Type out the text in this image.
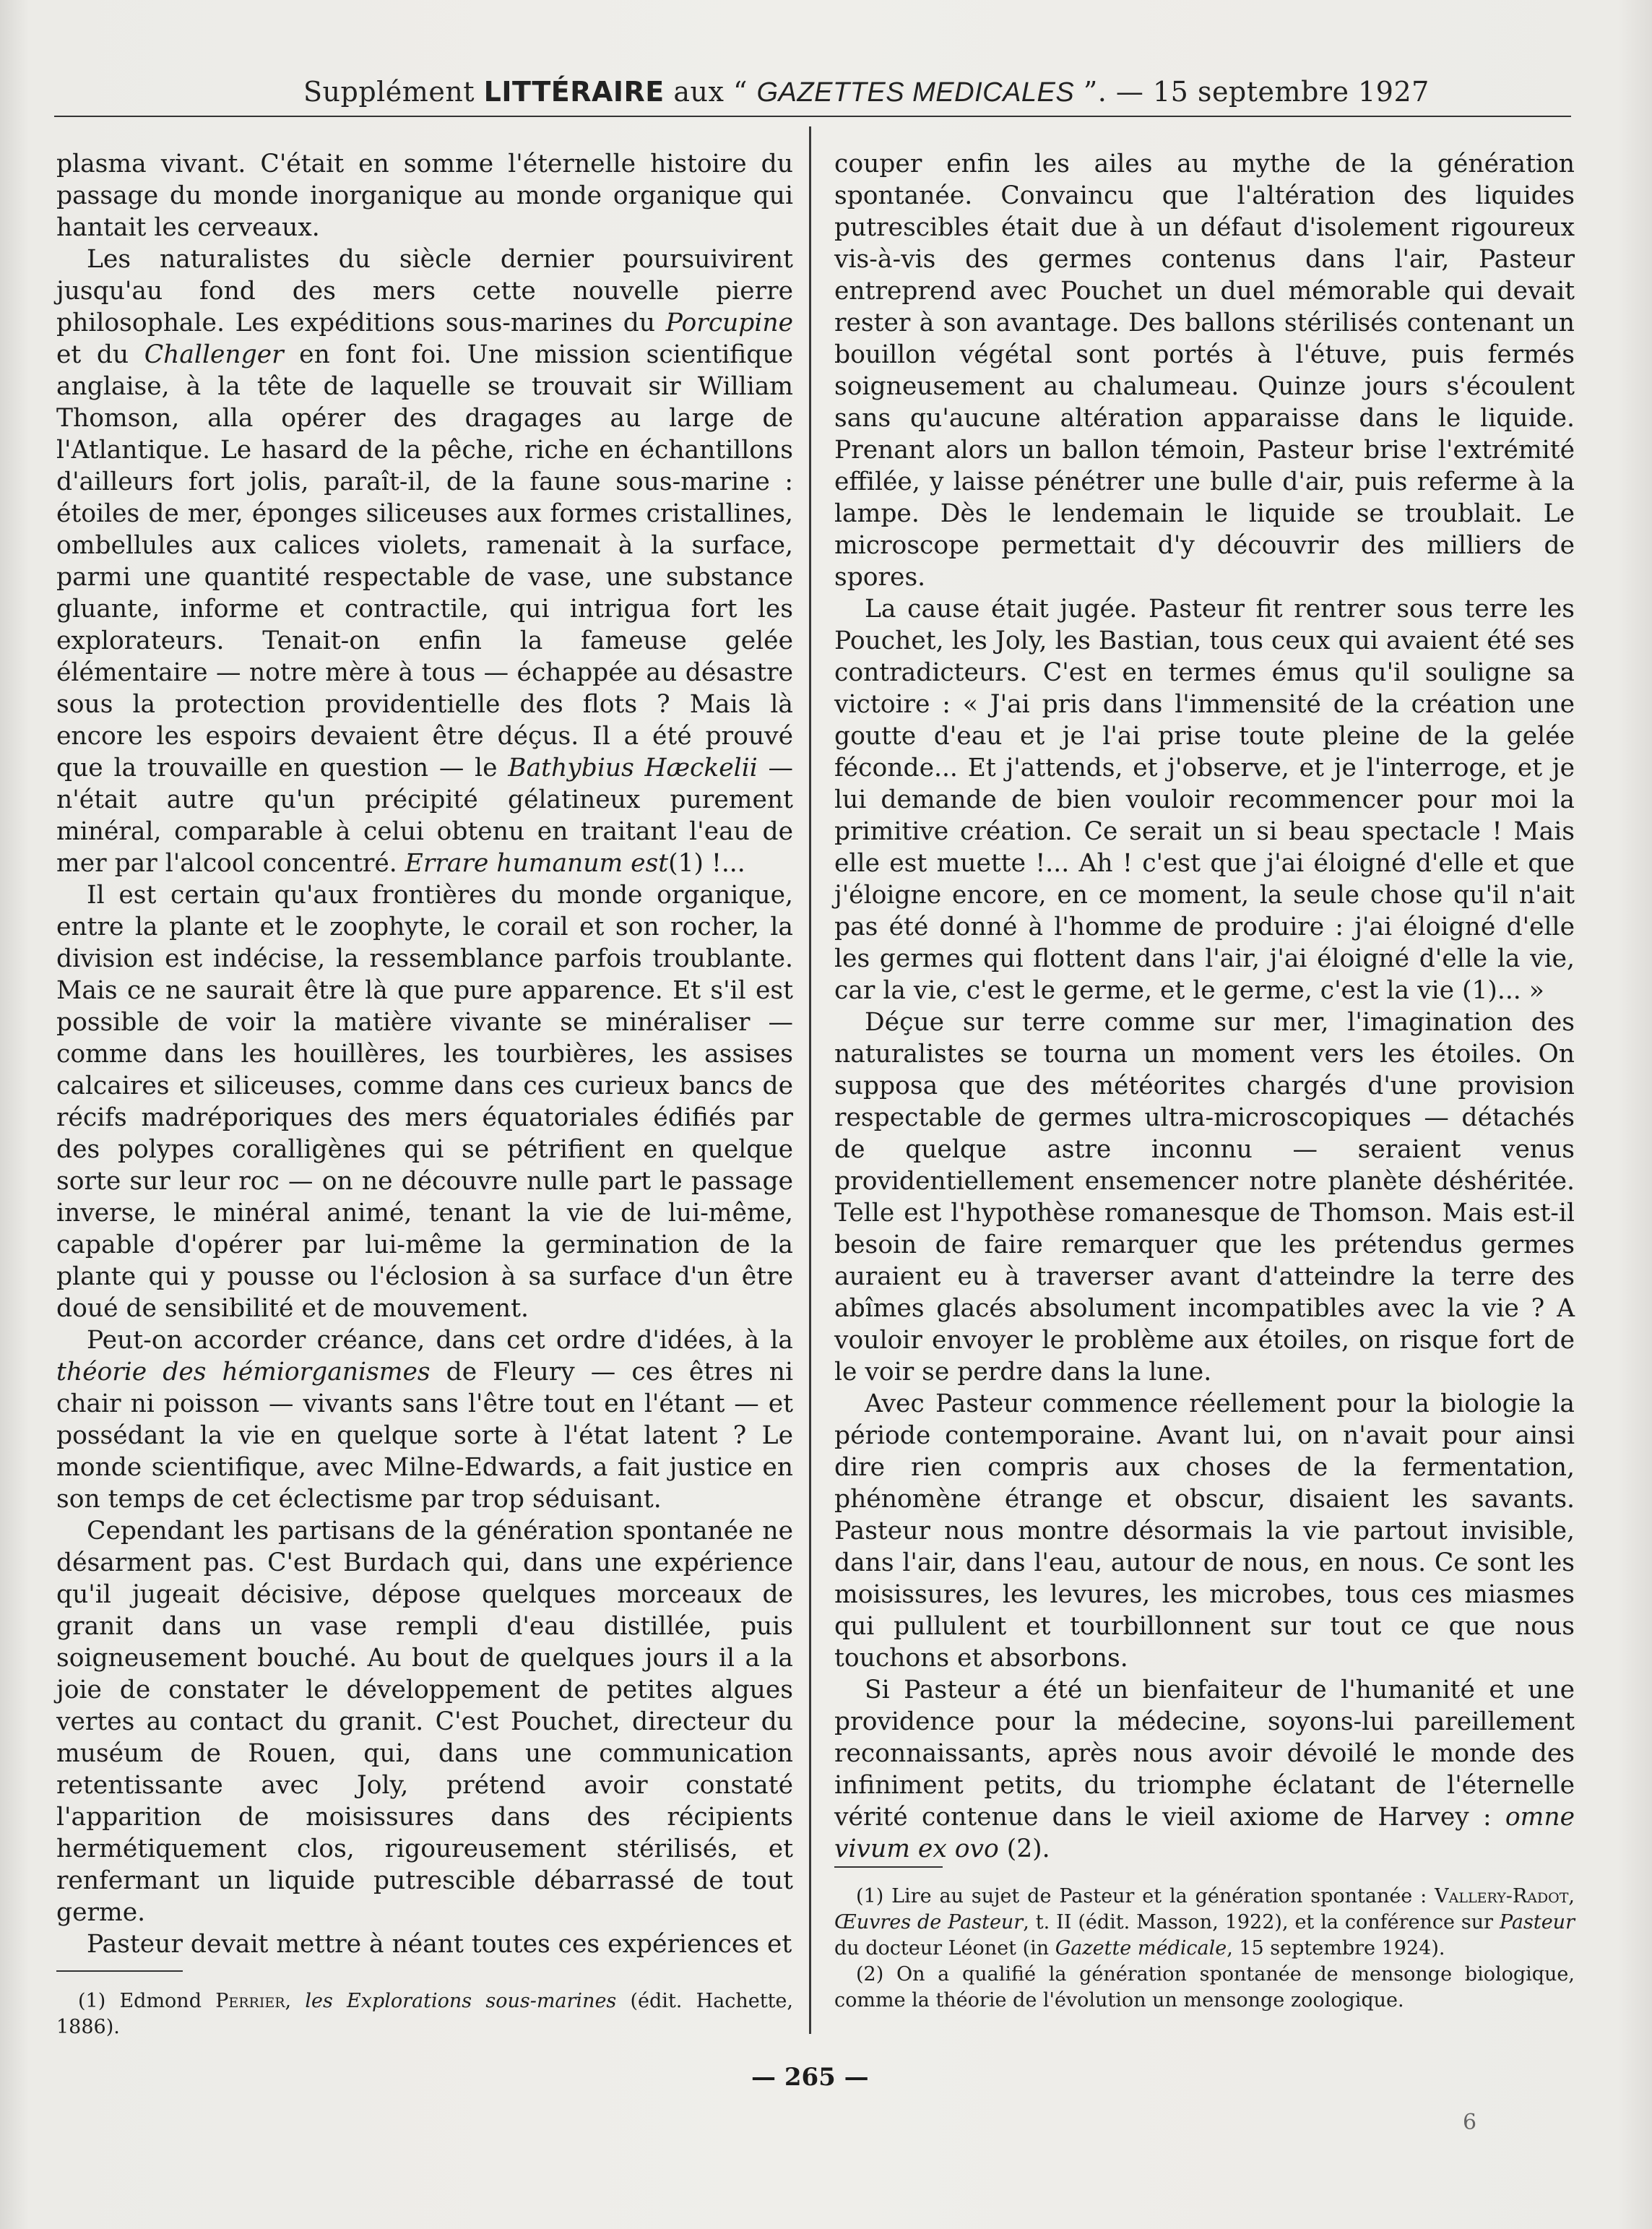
Supplément LITTÉRAIRE aux “ GAZETTES MEDICALES ”. — 15 septembre 1927

plasma vivant. C'était en somme l'éternelle histoire du passage du monde inorganique au monde organique qui hantait les cerveaux.

Les naturalistes du siècle dernier poursuivirent jusqu'au fond des mers cette nouvelle pierre philosophale. Les expéditions sous-marines du Porcupine et du Challenger en font foi. Une mission scientifique anglaise, à la tête de laquelle se trouvait sir William Thomson, alla opérer des dragages au large de l'Atlantique. Le hasard de la pêche, riche en échantillons d'ailleurs fort jolis, paraît-il, de la faune sous-marine : étoiles de mer, éponges siliceuses aux formes cristallines, ombellules aux calices violets, ramenait à la surface, parmi une quantité respectable de vase, une substance gluante, informe et contractile, qui intrigua fort les explorateurs. Tenait-on enfin la fameuse gelée élémentaire — notre mère à tous — échappée au désastre sous la protection providentielle des flots ? Mais là encore les espoirs devaient être déçus. Il a été prouvé que la trouvaille en question — le Bathybius Hæckelii — n'était autre qu'un précipité gélatineux purement minéral, comparable à celui obtenu en traitant l'eau de mer par l'alcool concentré. Errare humanum est(1) !...

Il est certain qu'aux frontières du monde organique, entre la plante et le zoophyte, le corail et son rocher, la division est indécise, la ressemblance parfois troublante. Mais ce ne saurait être là que pure apparence. Et s'il est possible de voir la matière vivante se minéraliser — comme dans les houillères, les tourbières, les assises calcaires et siliceuses, comme dans ces curieux bancs de récifs madréporiques des mers équatoriales édifiés par des polypes coralligènes qui se pétrifient en quelque sorte sur leur roc — on ne découvre nulle part le passage inverse, le minéral animé, tenant la vie de lui-même, capable d'opérer par lui-même la germination de la plante qui y pousse ou l'éclosion à sa surface d'un être doué de sensibilité et de mouvement.

Peut-on accorder créance, dans cet ordre d'idées, à la théorie des hémiorganismes de Fleury — ces êtres ni chair ni poisson — vivants sans l'être tout en l'étant — et possédant la vie en quelque sorte à l'état latent ? Le monde scientifique, avec Milne-Edwards, a fait justice en son temps de cet éclectisme par trop séduisant.

Cependant les partisans de la génération spontanée ne désarment pas. C'est Burdach qui, dans une expérience qu'il jugeait décisive, dépose quelques morceaux de granit dans un vase rempli d'eau distillée, puis soigneusement bouché. Au bout de quelques jours il a la joie de constater le développement de petites algues vertes au contact du granit. C'est Pouchet, directeur du muséum de Rouen, qui, dans une communication retentissante avec Joly, prétend avoir constaté l'apparition de moisissures dans des récipients hermétiquement clos, rigoureusement stérilisés, et renfermant un liquide putrescible débarrassé de tout germe.

Pasteur devait mettre à néant toutes ces expériences et

(1) Edmond Perrier, les Explorations sous-marines (édit. Hachette, 1886).

couper enfin les ailes au mythe de la génération spontanée. Convaincu que l'altération des liquides putrescibles était due à un défaut d'isolement rigoureux vis-à-vis des germes contenus dans l'air, Pasteur entreprend avec Pouchet un duel mémorable qui devait rester à son avantage. Des ballons stérilisés contenant un bouillon végétal sont portés à l'étuve, puis fermés soigneusement au chalumeau. Quinze jours s'écoulent sans qu'aucune altération apparaisse dans le liquide. Prenant alors un ballon témoin, Pasteur brise l'extrémité effilée, y laisse pénétrer une bulle d'air, puis referme à la lampe. Dès le lendemain le liquide se troublait. Le microscope permettait d'y découvrir des milliers de spores.

La cause était jugée. Pasteur fit rentrer sous terre les Pouchet, les Joly, les Bastian, tous ceux qui avaient été ses contradicteurs. C'est en termes émus qu'il souligne sa victoire : « J'ai pris dans l'immensité de la création une goutte d'eau et je l'ai prise toute pleine de la gelée féconde... Et j'attends, et j'observe, et je l'interroge, et je lui demande de bien vouloir recommencer pour moi la primitive création. Ce serait un si beau spectacle ! Mais elle est muette !... Ah ! c'est que j'ai éloigné d'elle et que j'éloigne encore, en ce moment, la seule chose qu'il n'ait pas été donné à l'homme de produire : j'ai éloigné d'elle les germes qui flottent dans l'air, j'ai éloigné d'elle la vie, car la vie, c'est le germe, et le germe, c'est la vie (1)... »

Déçue sur terre comme sur mer, l'imagination des naturalistes se tourna un moment vers les étoiles. On supposa que des météorites chargés d'une provision respectable de germes ultra-microscopiques — détachés de quelque astre inconnu — seraient venus providentiellement ensemencer notre planète déshéritée. Telle est l'hypothèse romanesque de Thomson. Mais est-il besoin de faire remarquer que les prétendus germes auraient eu à traverser avant d'atteindre la terre des abîmes glacés absolument incompatibles avec la vie ? A vouloir envoyer le problème aux étoiles, on risque fort de le voir se perdre dans la lune.

Avec Pasteur commence réellement pour la biologie la période contemporaine. Avant lui, on n'avait pour ainsi dire rien compris aux choses de la fermentation, phénomène étrange et obscur, disaient les savants. Pasteur nous montre désormais la vie partout invisible, dans l'air, dans l'eau, autour de nous, en nous. Ce sont les moisissures, les levures, les microbes, tous ces miasmes qui pullulent et tourbillonnent sur tout ce que nous touchons et absorbons.

Si Pasteur a été un bienfaiteur de l'humanité et une providence pour la médecine, soyons-lui pareillement reconnaissants, après nous avoir dévoilé le monde des infiniment petits, du triomphe éclatant de l'éternelle vérité contenue dans le vieil axiome de Harvey : omne vivum ex ovo (2).

(1) Lire au sujet de Pasteur et la génération spontanée : Vallery-Radot, Œuvres de Pasteur, t. II (édit. Masson, 1922), et la conférence sur Pasteur du docteur Léonet (in Gazette médicale, 15 septembre 1924).

(2) On a qualifié la génération spontanée de mensonge biologique, comme la théorie de l'évolution un mensonge zoologique.

— 265 —
6
